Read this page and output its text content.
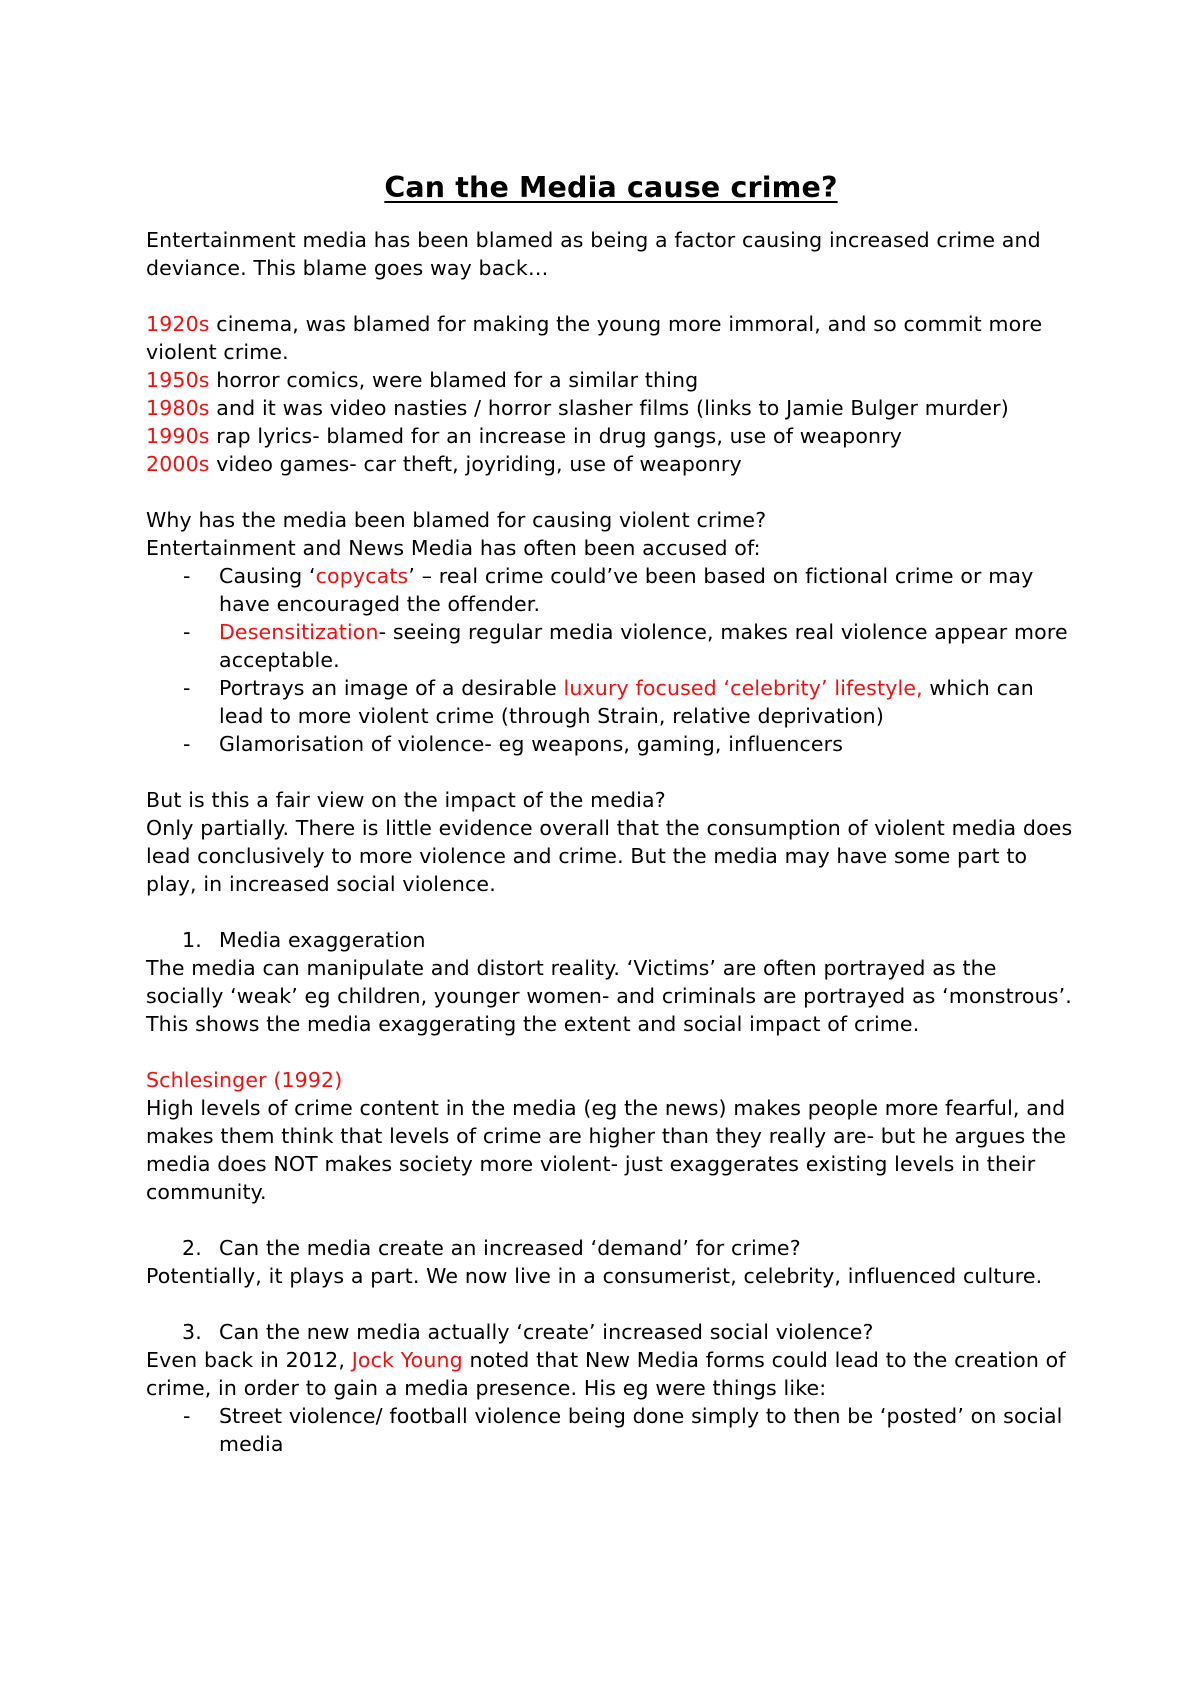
Can the Media cause crime?

Entertainment media has been blamed as being a factor causing increased crime and deviance. This blame goes way back…

1920s cinema, was blamed for making the young more immoral, and so commit more violent crime.

1950s horror comics, were blamed for a similar thing

1980s and it was video nasties / horror slasher films (links to Jamie Bulger murder)

1990s rap lyrics- blamed for an increase in drug gangs, use of weaponry

2000s video games- car theft, joyriding, use of weaponry

Why has the media been blamed for causing violent crime?

Entertainment and News Media has often been accused of:

- Causing ‘copycats’ – real crime could’ve been based on fictional crime or may have encouraged the offender.
- Desensitization- seeing regular media violence, makes real violence appear more acceptable.
- Portrays an image of a desirable luxury focused ‘celebrity’ lifestyle, which can lead to more violent crime (through Strain, relative deprivation)
- Glamorisation of violence- eg weapons, gaming, influencers

But is this a fair view on the impact of the media?

Only partially. There is little evidence overall that the consumption of violent media does lead conclusively to more violence and crime. But the media may have some part to play, in increased social violence.

1. Media exaggeration

The media can manipulate and distort reality. ‘Victims’ are often portrayed as the socially ‘weak’ eg children, younger women- and criminals are portrayed as ‘monstrous’. This shows the media exaggerating the extent and social impact of crime.

Schlesinger (1992)

High levels of crime content in the media (eg the news) makes people more fearful, and makes them think that levels of crime are higher than they really are- but he argues the media does NOT makes society more violent- just exaggerates existing levels in their community.

2. Can the media create an increased ‘demand’ for crime?

Potentially, it plays a part. We now live in a consumerist, celebrity, influenced culture.

3. Can the new media actually ‘create’ increased social violence?

Even back in 2012, Jock Young noted that New Media forms could lead to the creation of crime, in order to gain a media presence. His eg were things like:

- Street violence/ football violence being done simply to then be ‘posted’ on social media
